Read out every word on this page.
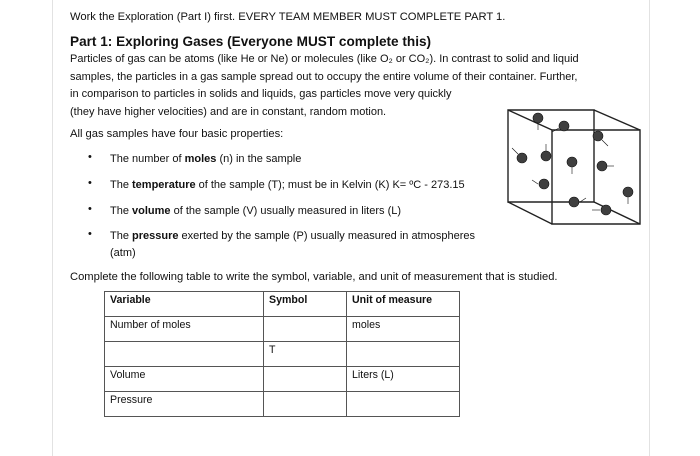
Work the Exploration (Part I) first. EVERY TEAM MEMBER MUST COMPLETE PART 1.
Part 1: Exploring Gases (Everyone MUST complete this)
Particles of gas can be atoms (like He or Ne) or molecules (like O₂ or CO₂). In contrast to solid and liquid
samples, the particles in a gas sample spread out to occupy the entire volume of their container. Further,
in comparison to particles in solids and liquids, gas particles move very quickly
(they have higher velocities) and are in constant, random motion.
All gas samples have four basic properties:
•	The number of moles (n) in the sample
•	The temperature of the sample (T); must be in Kelvin (K) K= ºC - 273.15
•	The volume of the sample (V) usually measured in liters (L)
•	The pressure exerted by the sample (P) usually measured in atmospheres
(atm)
Complete the following table to write the symbol, variable, and unit of measurement that is studied.
Variable	Symbol	Unit of measure
Number of moles		moles
	T	
Volume		Liters (L)
Pressure		
